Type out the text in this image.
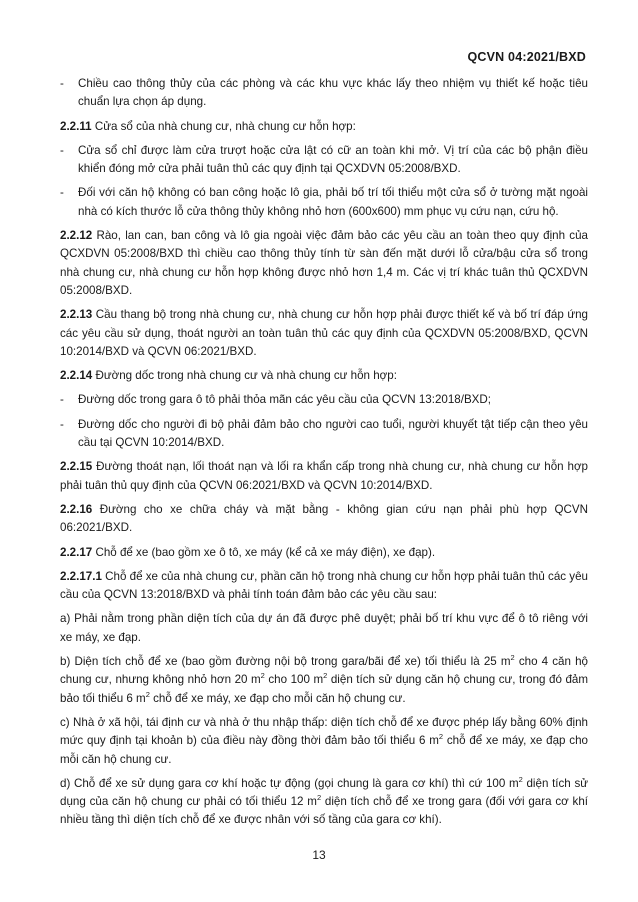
QCVN 04:2021/BXD
-	Chiều cao thông thủy của các phòng và các khu vực khác lấy theo nhiệm vụ thiết kế hoặc tiêu chuẩn lựa chọn áp dụng.

2.2.11 Cửa sổ của nhà chung cư, nhà chung cư hỗn hợp:

-	Cửa sổ chỉ được làm cửa trượt hoặc cửa lật có cữ an toàn khi mở. Vị trí của các bộ phận điều khiển đóng mở cửa phải tuân thủ các quy định tại QCXDVN 05:2008/BXD.
-	Đối với căn hộ không có ban công hoặc lô gia, phải bố trí tối thiểu một cửa sổ ở tường mặt ngoài nhà có kích thước lỗ cửa thông thủy không nhỏ hơn (600x600) mm phục vụ cứu nạn, cứu hộ.

2.2.12 Rào, lan can, ban công và lô gia ngoài việc đảm bảo các yêu cầu an toàn theo quy định của QCXDVN 05:2008/BXD thì chiều cao thông thủy tính từ sàn đến mặt dưới lỗ cửa/bậu cửa sổ trong nhà chung cư, nhà chung cư hỗn hợp không được nhỏ hơn 1,4 m. Các vị trí khác tuân thủ QCXDVN 05:2008/BXD.

2.2.13 Cầu thang bộ trong nhà chung cư, nhà chung cư hỗn hợp phải được thiết kế và bố trí đáp ứng các yêu cầu sử dụng, thoát người an toàn tuân thủ các quy định của QCXDVN 05:2008/BXD, QCVN 10:2014/BXD và QCVN 06:2021/BXD.

2.2.14 Đường dốc trong nhà chung cư và nhà chung cư hỗn hợp:

-	Đường dốc trong gara ô tô phải thỏa mãn các yêu cầu của QCVN 13:2018/BXD;
-	Đường dốc cho người đi bộ phải đảm bảo cho người cao tuổi, người khuyết tật tiếp cận theo yêu cầu tại QCVN 10:2014/BXD.

2.2.15 Đường thoát nạn, lối thoát nạn và lối ra khẩn cấp trong nhà chung cư, nhà chung cư hỗn hợp phải tuân thủ quy định của QCVN 06:2021/BXD và QCVN 10:2014/BXD.

2.2.16 Đường cho xe chữa cháy và mặt bằng - không gian cứu nạn phải phù hợp QCVN 06:2021/BXD.

2.2.17 Chỗ để xe (bao gồm xe ô tô, xe máy (kể cả xe máy điện), xe đạp).

2.2.17.1 Chỗ để xe của nhà chung cư, phần căn hộ trong nhà chung cư hỗn hợp phải tuân thủ các yêu cầu của QCVN 13:2018/BXD và phải tính toán đảm bảo các yêu cầu sau:

a) Phải nằm trong phần diện tích của dự án đã được phê duyệt; phải bố trí khu vực để ô tô riêng với xe máy, xe đạp.

b) Diện tích chỗ để xe (bao gồm đường nội bộ trong gara/bãi để xe) tối thiểu là 25 $m^2$ cho 4 căn hộ chung cư, nhưng không nhỏ hơn 20 $m^2$ cho 100 $m^2$ diện tích sử dụng căn hộ chung cư, trong đó đảm bảo tối thiểu 6 $m^2$ chỗ để xe máy, xe đạp cho mỗi căn hộ chung cư.

c) Nhà ở xã hội, tái định cư và nhà ở thu nhập thấp: diện tích chỗ để xe được phép lấy bằng 60% định mức quy định tại khoản b) của điều này đồng thời đảm bảo tối thiểu 6 $m^2$ chỗ để xe máy, xe đạp cho mỗi căn hộ chung cư.

d) Chỗ để xe sử dụng gara cơ khí hoặc tự động (gọi chung là gara cơ khí) thì cứ 100 $m^2$ diện tích sử dụng của căn hộ chung cư phải có tối thiểu 12 $m^2$ diện tích chỗ để xe trong gara (đối với gara cơ khí nhiều tầng thì diện tích chỗ để xe được nhân với số tầng của gara cơ khí).

13
